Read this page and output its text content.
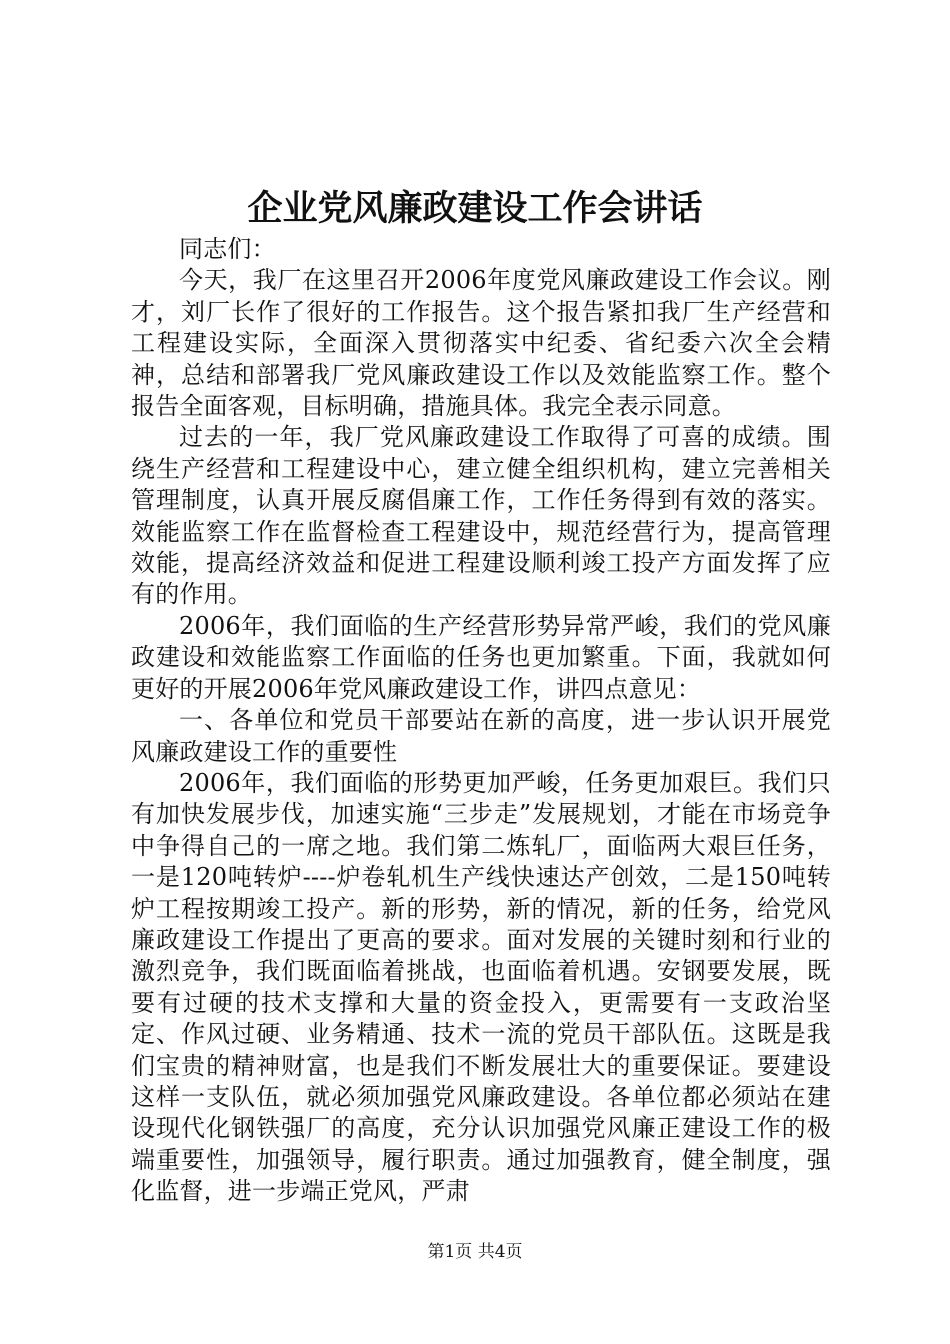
企业党风廉政建设工作会讲话

同志们：

今天，我厂在这里召开2006年度党风廉政建设工作会议。刚才，刘厂长作了很好的工作报告。这个报告紧扣我厂生产经营和工程建设实际，全面深入贯彻落实中纪委、省纪委六次全会精神，总结和部署我厂党风廉政建设工作以及效能监察工作。整个报告全面客观，目标明确，措施具体。我完全表示同意。

过去的一年，我厂党风廉政建设工作取得了可喜的成绩。围绕生产经营和工程建设中心，建立健全组织机构，建立完善相关管理制度，认真开展反腐倡廉工作，工作任务得到有效的落实。效能监察工作在监督检查工程建设中，规范经营行为，提高管理效能，提高经济效益和促进工程建设顺利竣工投产方面发挥了应有的作用。

2006年，我们面临的生产经营形势异常严峻，我们的党风廉政建设和效能监察工作面临的任务也更加繁重。下面，我就如何更好的开展2006年党风廉政建设工作，讲四点意见：

一、各单位和党员干部要站在新的高度，进一步认识开展党风廉政建设工作的重要性

2006年，我们面临的形势更加严峻，任务更加艰巨。我们只有加快发展步伐，加速实施“三步走”发展规划，才能在市场竞争中争得自己的一席之地。我们第二炼轧厂，面临两大艰巨任务，一是120吨转炉----炉卷轧机生产线快速达产创效，二是150吨转炉工程按期竣工投产。新的形势，新的情况，新的任务，给党风廉政建设工作提出了更高的要求。面对发展的关键时刻和行业的激烈竞争，我们既面临着挑战，也面临着机遇。安钢要发展，既要有过硬的技术支撑和大量的资金投入，更需要有一支政治坚定、作风过硬、业务精通、技术一流的党员干部队伍。这既是我们宝贵的精神财富，也是我们不断发展壮大的重要保证。要建设这样一支队伍，就必须加强党风廉政建设。各单位都必须站在建设现代化钢铁强厂的高度，充分认识加强党风廉正建设工作的极端重要性，加强领导，履行职责。通过加强教育，健全制度，强化监督，进一步端正党风，严肃

第1页 共4页
